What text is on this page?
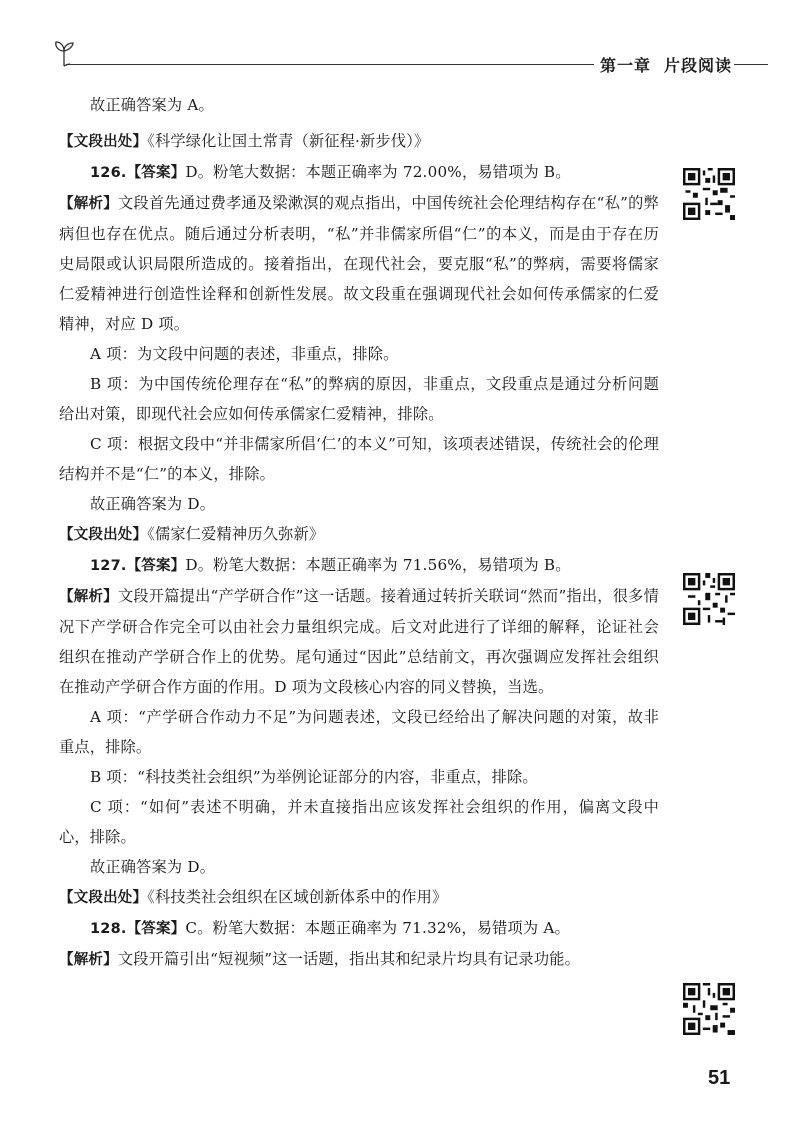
第一章 片段阅读

故正确答案为 A。

【文段出处】《科学绿化让国土常青（新征程·新步伐）》

126.【答案】D。粉笔大数据：本题正确率为 72.00%，易错项为 B。

【解析】文段首先通过费孝通及梁漱溟的观点指出，中国传统社会伦理结构存在“私”的弊病但也存在优点。随后通过分析表明，“私”并非儒家所倡“仁”的本义，而是由于存在历史局限或认识局限所造成的。接着指出，在现代社会，要克服“私”的弊病，需要将儒家仁爱精神进行创造性诠释和创新性发展。故文段重在强调现代社会如何传承儒家的仁爱精神，对应 D 项。

A 项：为文段中问题的表述，非重点，排除。

B 项：为中国传统伦理存在“私”的弊病的原因，非重点，文段重点是通过分析问题给出对策，即现代社会应如何传承儒家仁爱精神，排除。

C 项：根据文段中“并非儒家所倡‘仁’的本义”可知，该项表述错误，传统社会的伦理结构并不是“仁”的本义，排除。

故正确答案为 D。

【文段出处】《儒家仁爱精神历久弥新》

127.【答案】D。粉笔大数据：本题正确率为 71.56%，易错项为 B。

【解析】文段开篇提出“产学研合作”这一话题。接着通过转折关联词“然而”指出，很多情况下产学研合作完全可以由社会力量组织完成。后文对此进行了详细的解释，论证社会组织在推动产学研合作上的优势。尾句通过“因此”总结前文，再次强调应发挥社会组织在推动产学研合作方面的作用。D 项为文段核心内容的同义替换，当选。

A 项：“产学研合作动力不足”为问题表述，文段已经给出了解决问题的对策，故非重点，排除。

B 项：“科技类社会组织”为举例论证部分的内容，非重点，排除。

C 项：“如何”表述不明确，并未直接指出应该发挥社会组织的作用，偏离文段中心，排除。

故正确答案为 D。

【文段出处】《科技类社会组织在区域创新体系中的作用》

128.【答案】C。粉笔大数据：本题正确率为 71.32%，易错项为 A。

【解析】文段开篇引出“短视频”这一话题，指出其和纪录片均具有记录功能。

51
